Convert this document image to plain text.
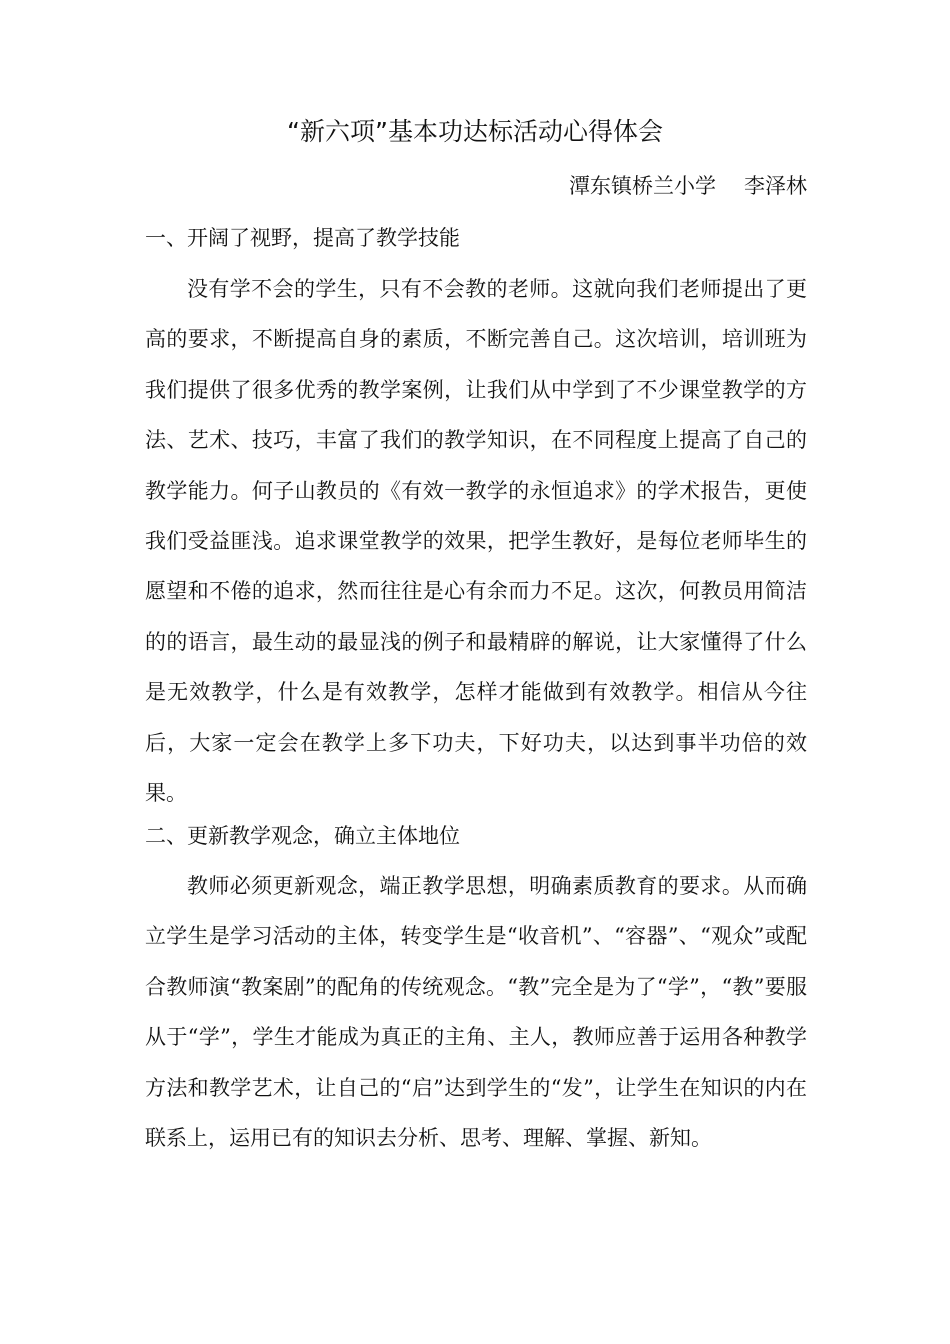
“新六项”基本功达标活动心得体会
潭东镇桥兰小学 李泽林
一、开阔了视野，提高了教学技能

没有学不会的学生，只有不会教的老师。这就向我们老师提出了更高的要求，不断提高自身的素质，不断完善自己。这次培训，培训班为我们提供了很多优秀的教学案例，让我们从中学到了不少课堂教学的方法、艺术、技巧，丰富了我们的教学知识，在不同程度上提高了自己的教学能力。何子山教员的《有效一教学的永恒追求》的学术报告，更使我们受益匪浅。追求课堂教学的效果，把学生教好，是每位老师毕生的愿望和不倦的追求，然而往往是心有余而力不足。这次，何教员用简洁的的语言，最生动的最显浅的例子和最精辟的解说，让大家懂得了什么是无效教学，什么是有效教学，怎样才能做到有效教学。相信从今往后，大家一定会在教学上多下功夫，下好功夫，以达到事半功倍的效果。

二、更新教学观念，确立主体地位

教师必须更新观念，端正教学思想，明确素质教育的要求。从而确立学生是学习活动的主体，转变学生是“收音机”、“容器”、“观众”或配合教师演“教案剧”的配角的传统观念。“教”完全是为了“学”，“教”要服从于“学”，学生才能成为真正的主角、主人，教师应善于运用各种教学方法和教学艺术，让自己的“启”达到学生的“发”，让学生在知识的内在联系上，运用已有的知识去分析、思考、理解、掌握、新知。
